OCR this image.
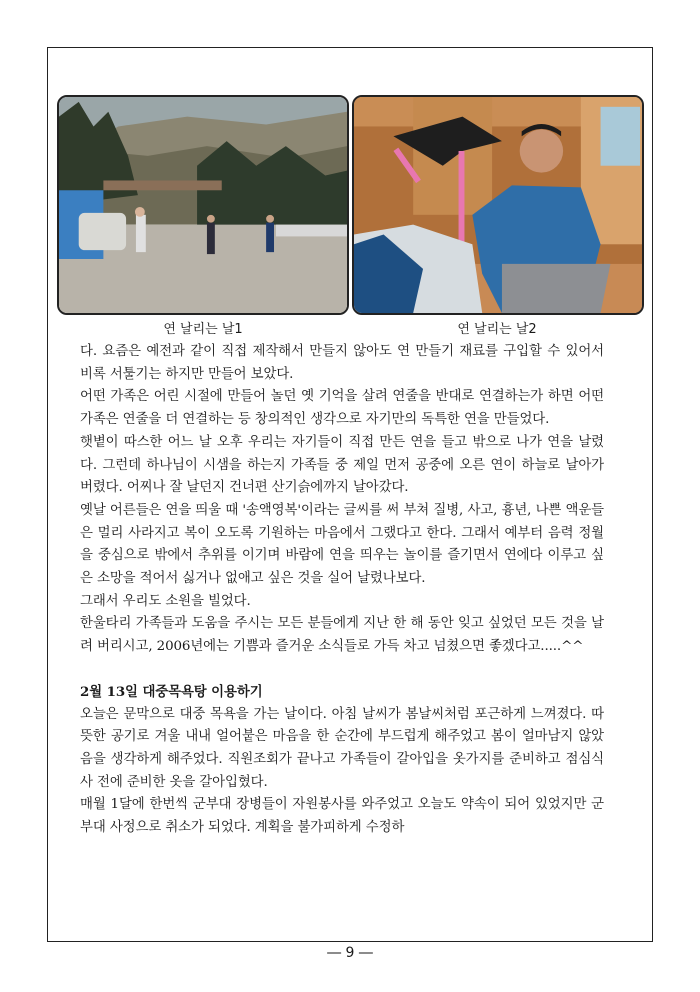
연 날리는 날1	연 날리는 날2

다. 요즘은 예전과 같이 직접 제작해서 만들지 않아도 연 만들기 재료를 구입할 수 있어서 비록 서툴기는 하지만 만들어 보았다.

어떤 가족은 어린 시절에 만들어 놀던 옛 기억을 살려 연줄을 반대로 연결하는가 하면 어떤 가족은 연줄을 더 연결하는 등 창의적인 생각으로 자기만의 독특한 연을 만들었다.

햇볕이 따스한 어느 날 오후 우리는 자기들이 직접 만든 연을 들고 밖으로 나가 연을 날렸다. 그런데 하나님이 시샘을 하는지 가족들 중 제일 먼저 공중에 오른 연이 하늘로 날아가 버렸다. 어찌나 잘 날던지 건너편 산기슭에까지 날아갔다.

옛날 어른들은 연을 띄울 때 '송액영복'이라는 글씨를 써 부쳐 질병, 사고, 흉년, 나쁜 액운들은 멀리 사라지고 복이 오도록 기원하는 마음에서 그랬다고 한다. 그래서 예부터 음력 정월을 중심으로 밖에서 추위를 이기며 바람에 연을 띄우는 놀이를 즐기면서 연에다 이루고 싶은 소망을 적어서 싫거나 없애고 싶은 것을 실어 날렸나보다.

그래서 우리도 소원을 빌었다.

한울타리 가족들과 도움을 주시는 모든 분들에게 지난 한 해 동안 잊고 싶었던 모든 것을 날려 버리시고, 2006년에는 기쁨과 즐거운 소식들로 가득 차고 넘쳤으면 좋겠다고.....^^

2월 13일 대중목욕탕 이용하기

오늘은 문막으로 대중 목욕을 가는 날이다. 아침 날씨가 봄날씨처럼 포근하게 느껴졌다. 따뜻한 공기로 겨울 내내 얼어붙은 마음을 한 순간에 부드럽게 해주었고 봄이 얼마남지 않았음을 생각하게 해주었다. 직원조회가 끝나고 가족들이 갈아입을 옷가지를 준비하고 점심식사 전에 준비한 옷을 갈아입혔다.

매월 1달에 한번씩 군부대 장병들이 자원봉사를 와주었고 오늘도 약속이 되어 있었지만 군부대 사정으로 취소가 되었다. 계획을 불가피하게 수정하

― 9 ―
